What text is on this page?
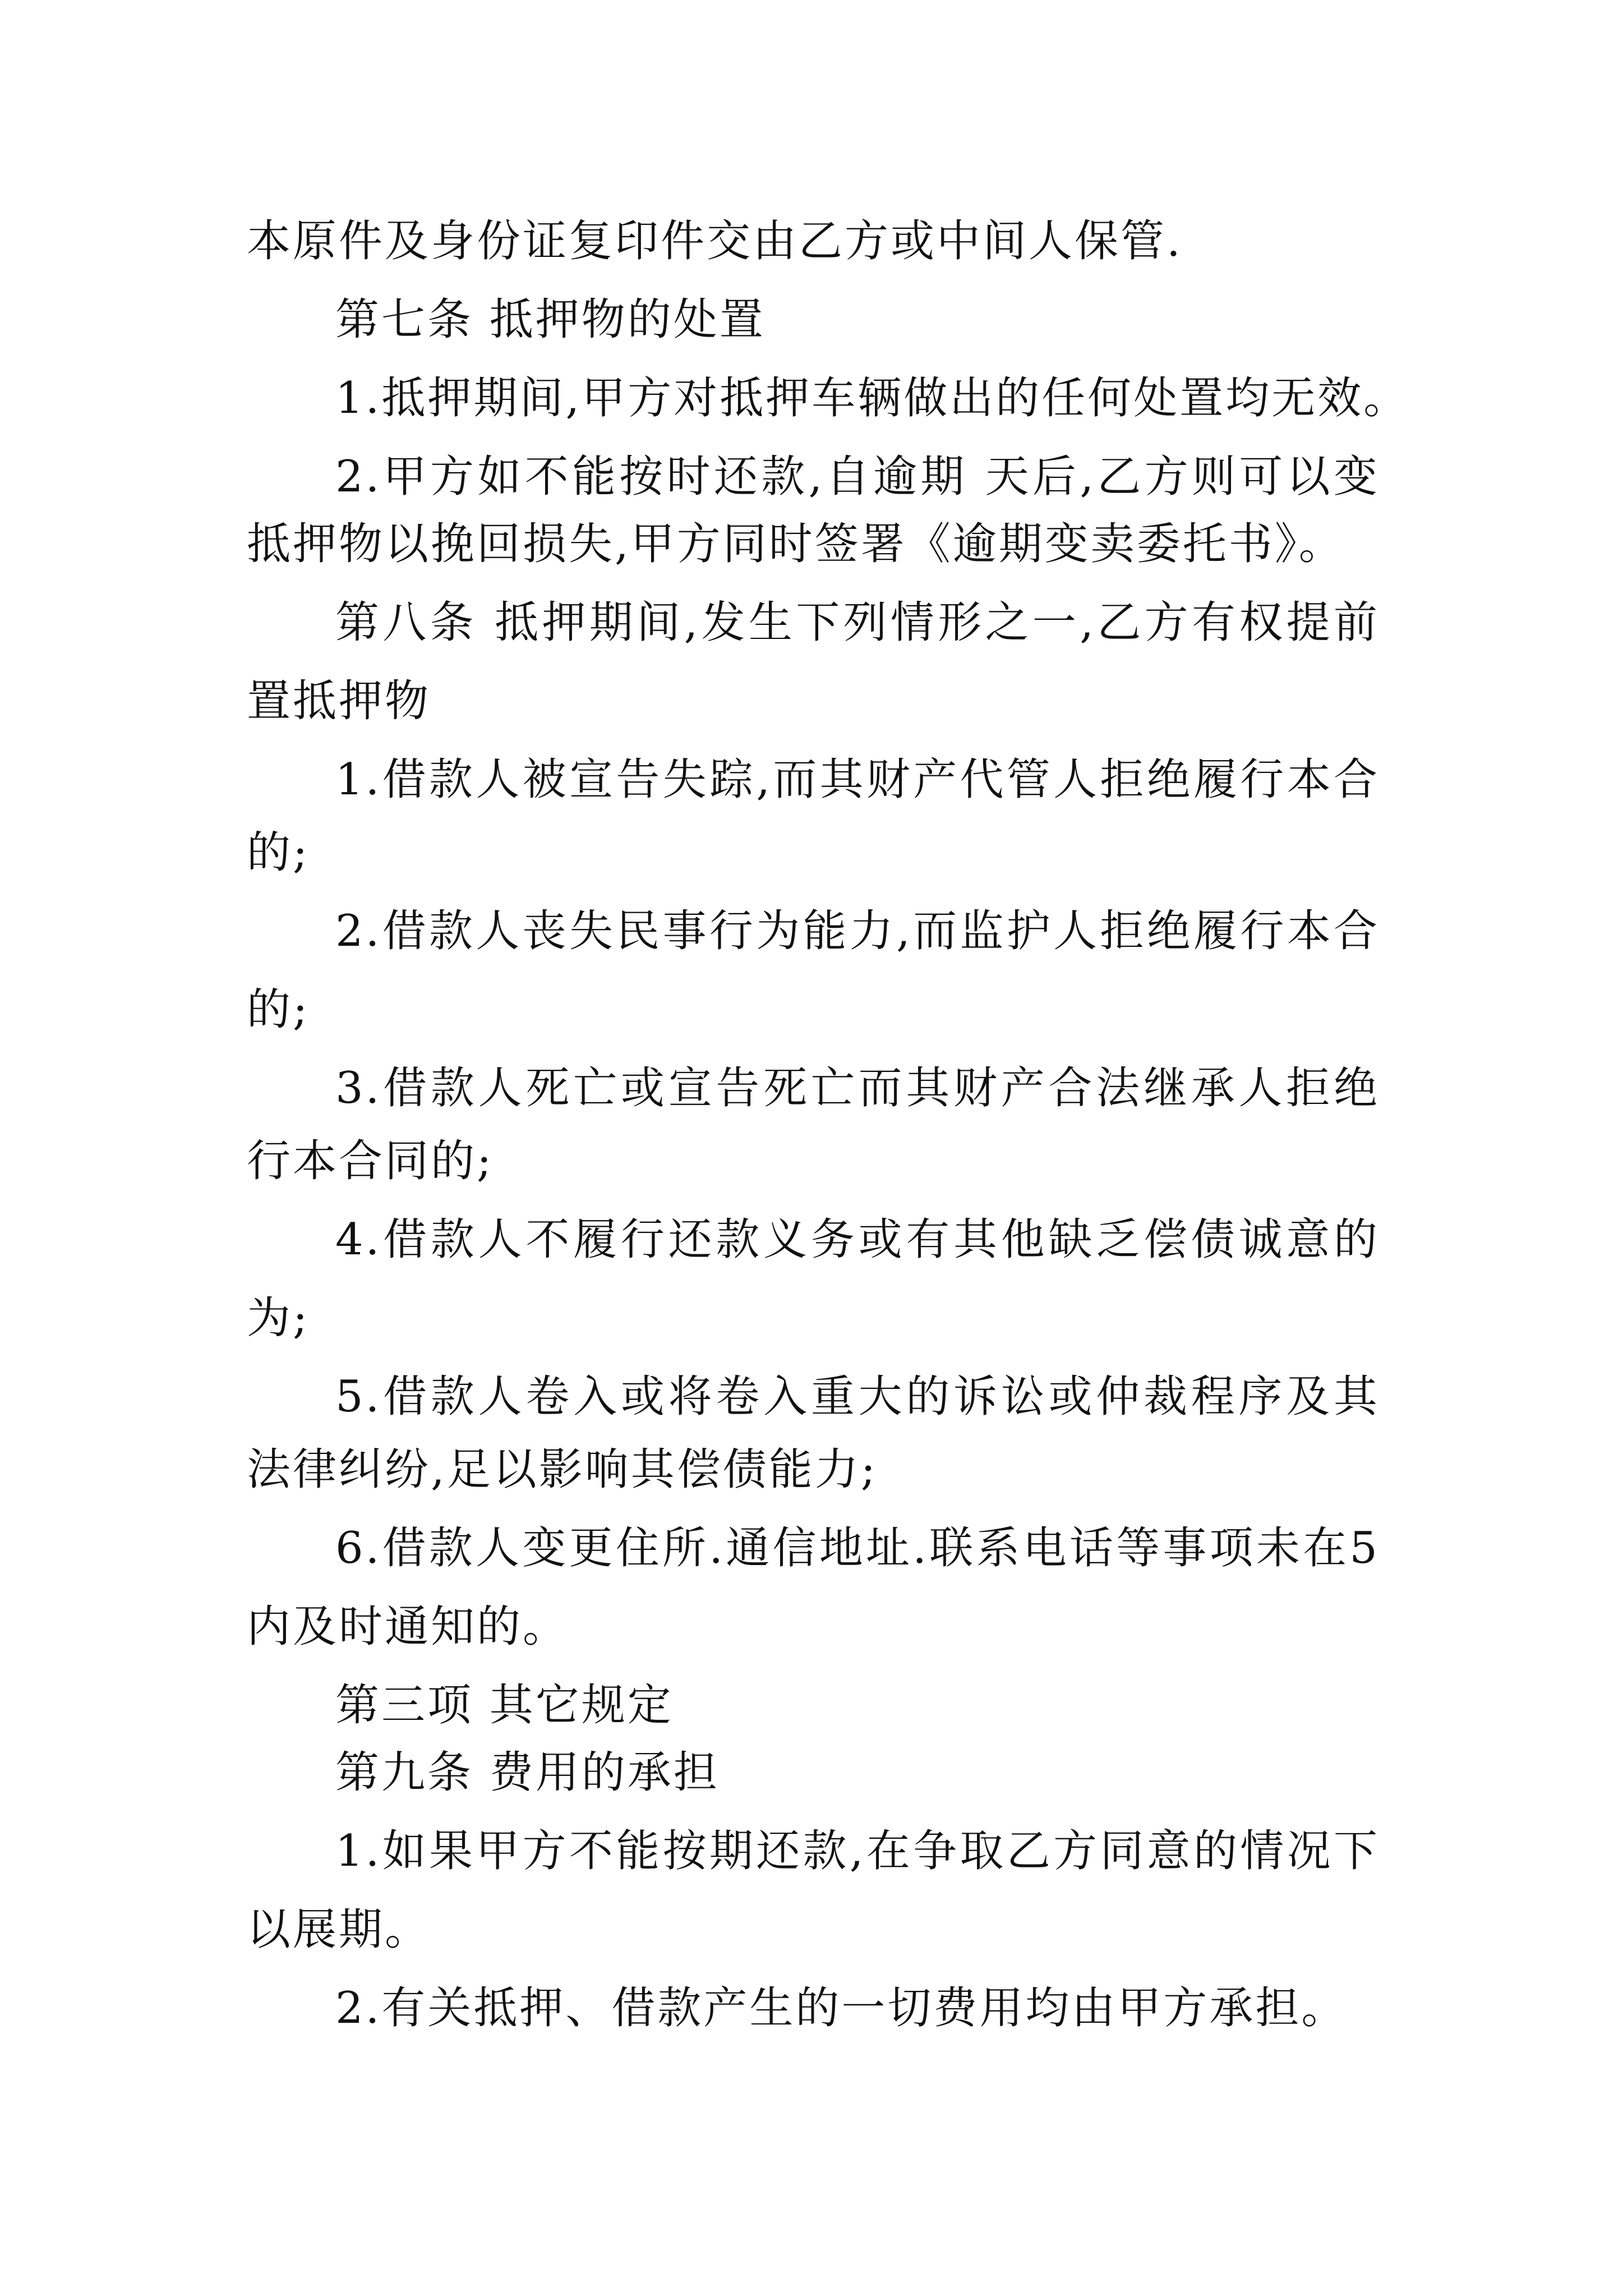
本原件及身份证复印件交由乙方或中间人保管.
第七条 抵押物的处置
1.抵押期间,甲方对抵押车辆做出的任何处置均无效。
2.甲方如不能按时还款,自逾期 天后,乙方则可以变
抵押物以挽回损失,甲方同时签署《逾期变卖委托书》。
第八条 抵押期间,发生下列情形之一,乙方有权提前
置抵押物
1.借款人被宣告失踪,而其财产代管人拒绝履行本合
的;
2.借款人丧失民事行为能力,而监护人拒绝履行本合
的;
3.借款人死亡或宣告死亡而其财产合法继承人拒绝
行本合同的;
4.借款人不履行还款义务或有其他缺乏偿债诚意的
为;
5.借款人卷入或将卷入重大的诉讼或仲裁程序及其
法律纠纷,足以影响其偿债能力;
6.借款人变更住所.通信地址.联系电话等事项未在5
内及时通知的。
第三项 其它规定
第九条 费用的承担
1.如果甲方不能按期还款,在争取乙方同意的情况下
以展期。
2.有关抵押、借款产生的一切费用均由甲方承担。
